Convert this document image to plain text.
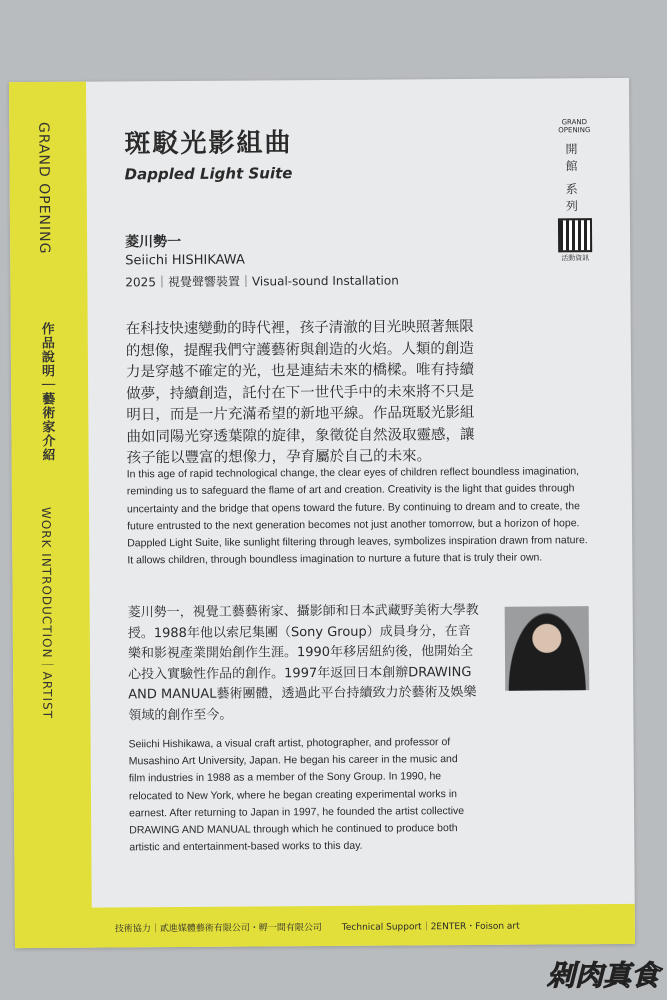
GRAND OPENING
作品說明｜藝術家介紹
WORK INTRODUCTION｜ARTIST
GRAND OPENING
開 館
系 列
活動資訊
斑駁光影組曲
Dappled Light Suite
菱川勢一
Seiichi HISHIKAWA
2025｜視覺聲響裝置｜Visual-sound Installation

在科技快速變動的時代裡，孩子清澈的目光映照著無限的想像，提醒我們守護藝術與創造的火焰。人類的創造力是穿越不確定的光，也是連結未來的橋樑。唯有持續做夢，持續創造，託付在下一世代手中的未來將不只是明日，而是一片充滿希望的新地平線。作品斑駁光影組曲如同陽光穿透葉隙的旋律，象徵從自然汲取靈感，讓孩子能以豐富的想像力，孕育屬於自己的未來。

In this age of rapid technological change, the clear eyes of children reflect boundless imagination, reminding us to safeguard the flame of art and creation. Creativity is the light that guides through uncertainty and the bridge that opens toward the future. By continuing to dream and to create, the future entrusted to the next generation becomes not just another tomorrow, but a horizon of hope. Dappled Light Suite, like sunlight filtering through leaves, symbolizes inspiration drawn from nature. It allows children, through boundless imagination to nurture a future that is truly their own.

菱川勢一，視覺工藝藝術家、攝影師和日本武藏野美術大學教授。1988年他以索尼集團（Sony Group）成員身分，在音樂和影視產業開始創作生涯。1990年移居紐約後，他開始全心投入實驗性作品的創作。1997年返回日本創辦DRAWING AND MANUAL藝術團體，透過此平台持續致力於藝術及娛樂領域的創作至今。

Seiichi Hishikawa, a visual craft artist, photographer, and professor of Musashino Art University, Japan. He began his career in the music and film industries in 1988 as a member of the Sony Group. In 1990, he relocated to New York, where he began creating experimental works in earnest. After returning to Japan in 1997, he founded the artist collective DRAWING AND MANUAL through which he continued to produce both artistic and entertainment-based works to this day.

技術協力｜貳進媒體藝術有限公司・孵一間有限公司 Technical Support｜2ENTER・Foison art
剁肉真食
